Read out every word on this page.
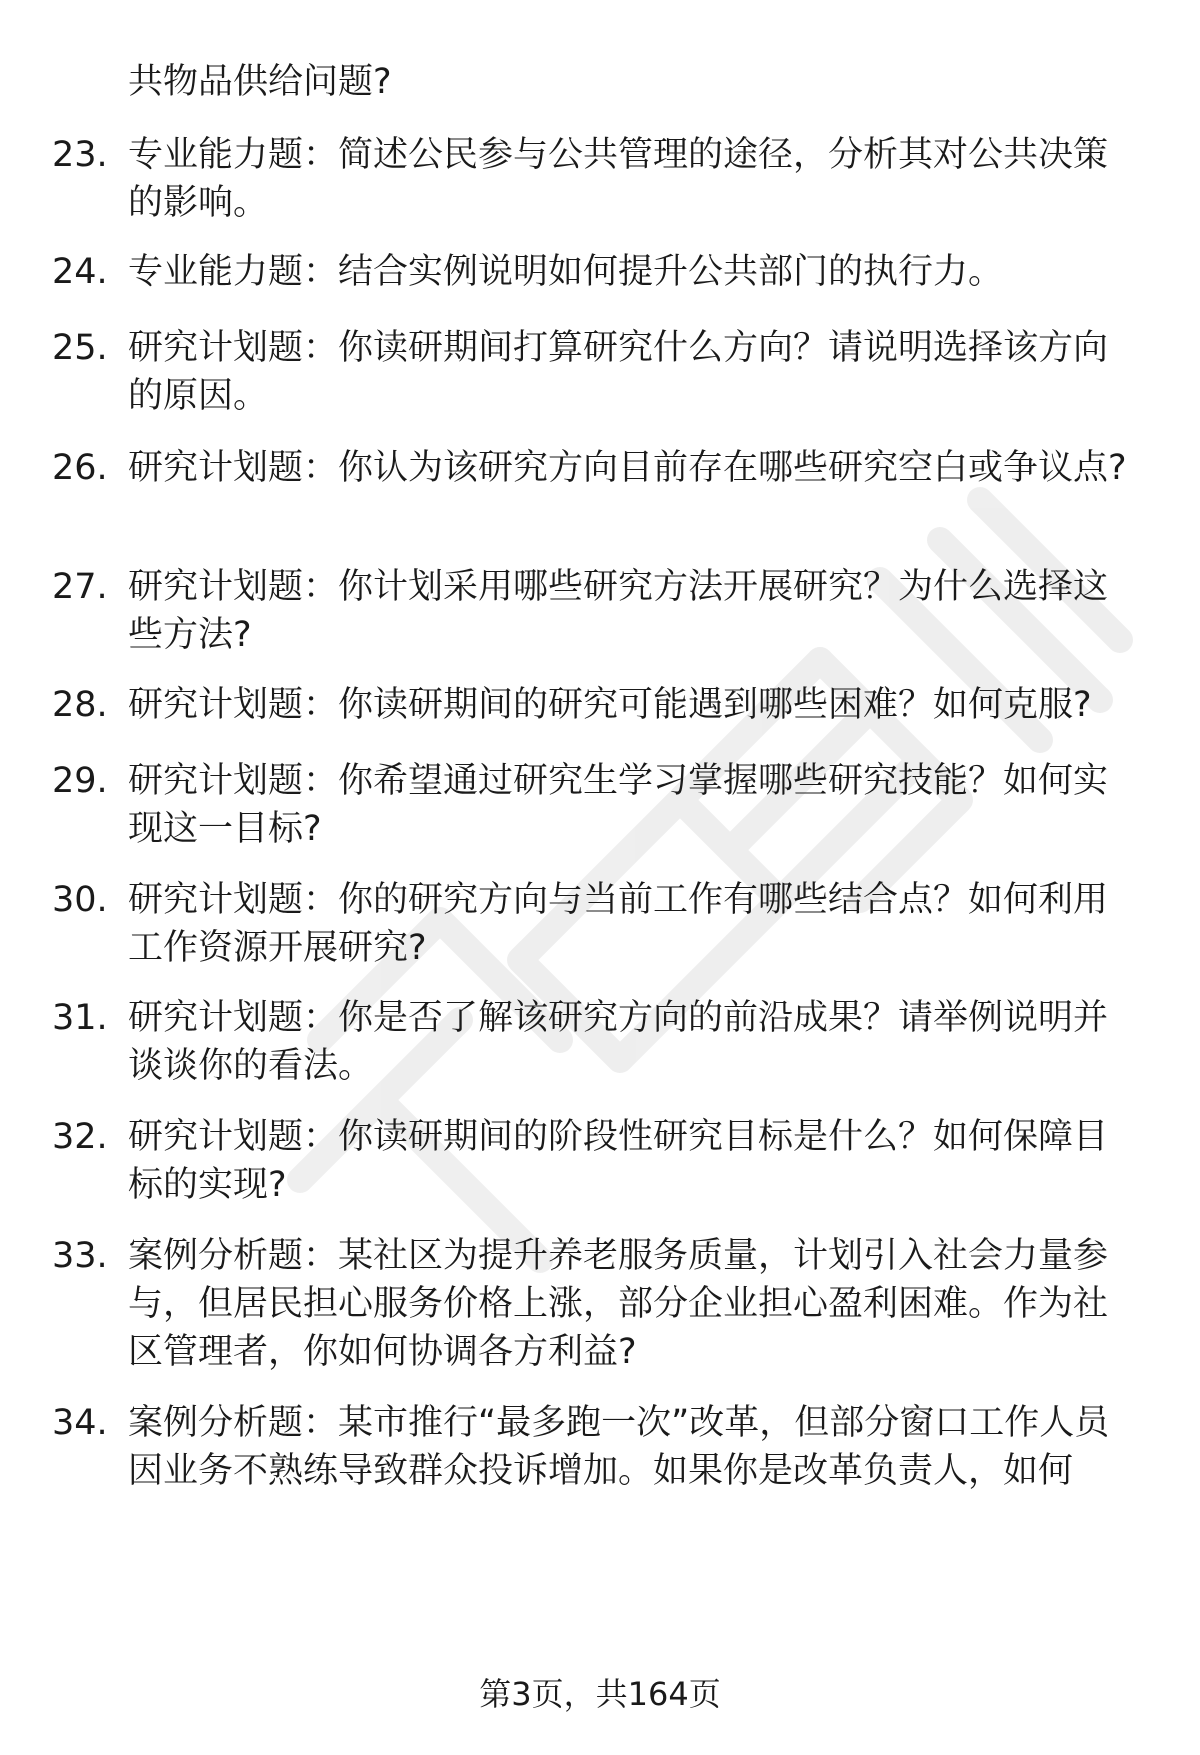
共物品供给问题?

23. 专业能力题：简述公民参与公共管理的途径，分析其对公共决策的影响。

24. 专业能力题：结合实例说明如何提升公共部门的执行力。

25. 研究计划题：你读研期间打算研究什么方向？请说明选择该方向的原因。

26. 研究计划题：你认为该研究方向目前存在哪些研究空白或争议点?

27. 研究计划题：你计划采用哪些研究方法开展研究？为什么选择这些方法?

28. 研究计划题：你读研期间的研究可能遇到哪些困难？如何克服?

29. 研究计划题：你希望通过研究生学习掌握哪些研究技能？如何实现这一目标?

30. 研究计划题：你的研究方向与当前工作有哪些结合点？如何利用工作资源开展研究?

31. 研究计划题：你是否了解该研究方向的前沿成果？请举例说明并谈谈你的看法。

32. 研究计划题：你读研期间的阶段性研究目标是什么？如何保障目标的实现?

33. 案例分析题：某社区为提升养老服务质量，计划引入社会力量参与，但居民担心服务价格上涨，部分企业担心盈利困难。作为社区管理者，你如何协调各方利益?

34. 案例分析题：某市推行“最多跑一次”改革，但部分窗口工作人员因业务不熟练导致群众投诉增加。如果你是改革负责人，如何

第3页，共164页
